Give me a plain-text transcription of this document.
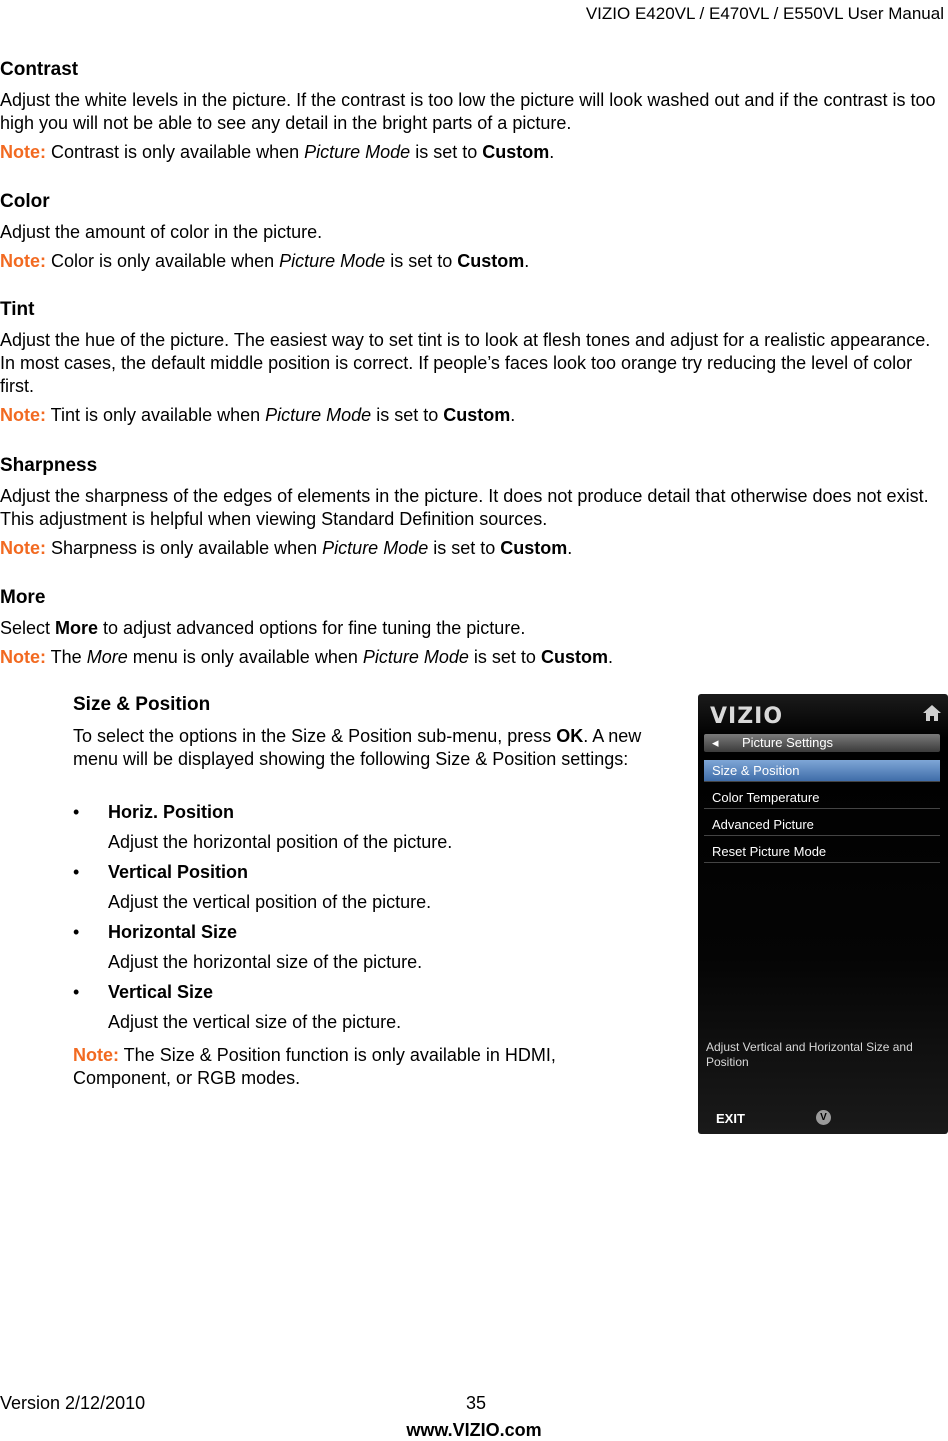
VIZIO E420VL / E470VL / E550VL User Manual
Contrast
Adjust the white levels in the picture. If the contrast is too low the picture will look washed out and if the contrast is too high you will not be able to see any detail in the bright parts of a picture.
Note: Contrast is only available when Picture Mode is set to Custom.
Color
Adjust the amount of color in the picture.
Note: Color is only available when Picture Mode is set to Custom.
Tint
Adjust the hue of the picture. The easiest way to set tint is to look at flesh tones and adjust for a realistic appearance. In most cases, the default middle position is correct. If people’s faces look too orange try reducing the level of color first.
Note: Tint is only available when Picture Mode is set to Custom.
Sharpness
Adjust the sharpness of the edges of elements in the picture. It does not produce detail that otherwise does not exist. This adjustment is helpful when viewing Standard Definition sources.
Note: Sharpness is only available when Picture Mode is set to Custom.
More
Select More to adjust advanced options for fine tuning the picture.
Note: The More menu is only available when Picture Mode is set to Custom.
Size & Position
To select the options in the Size & Position sub-menu, press OK. A new menu will be displayed showing the following Size & Position settings:
• Horiz. Position
Adjust the horizontal position of the picture.
• Vertical Position
Adjust the vertical position of the picture.
• Horizontal Size
Adjust the horizontal size of the picture.
• Vertical Size
Adjust the vertical size of the picture.
Note: The Size & Position function is only available in HDMI, Component, or RGB modes.
VIZIO
◂ Picture Settings
Size & Position
Color Temperature
Advanced Picture
Reset Picture Mode
Adjust Vertical and Horizontal Size and Position
EXIT	V
Version 2/12/2010	35
www.VIZIO.com
